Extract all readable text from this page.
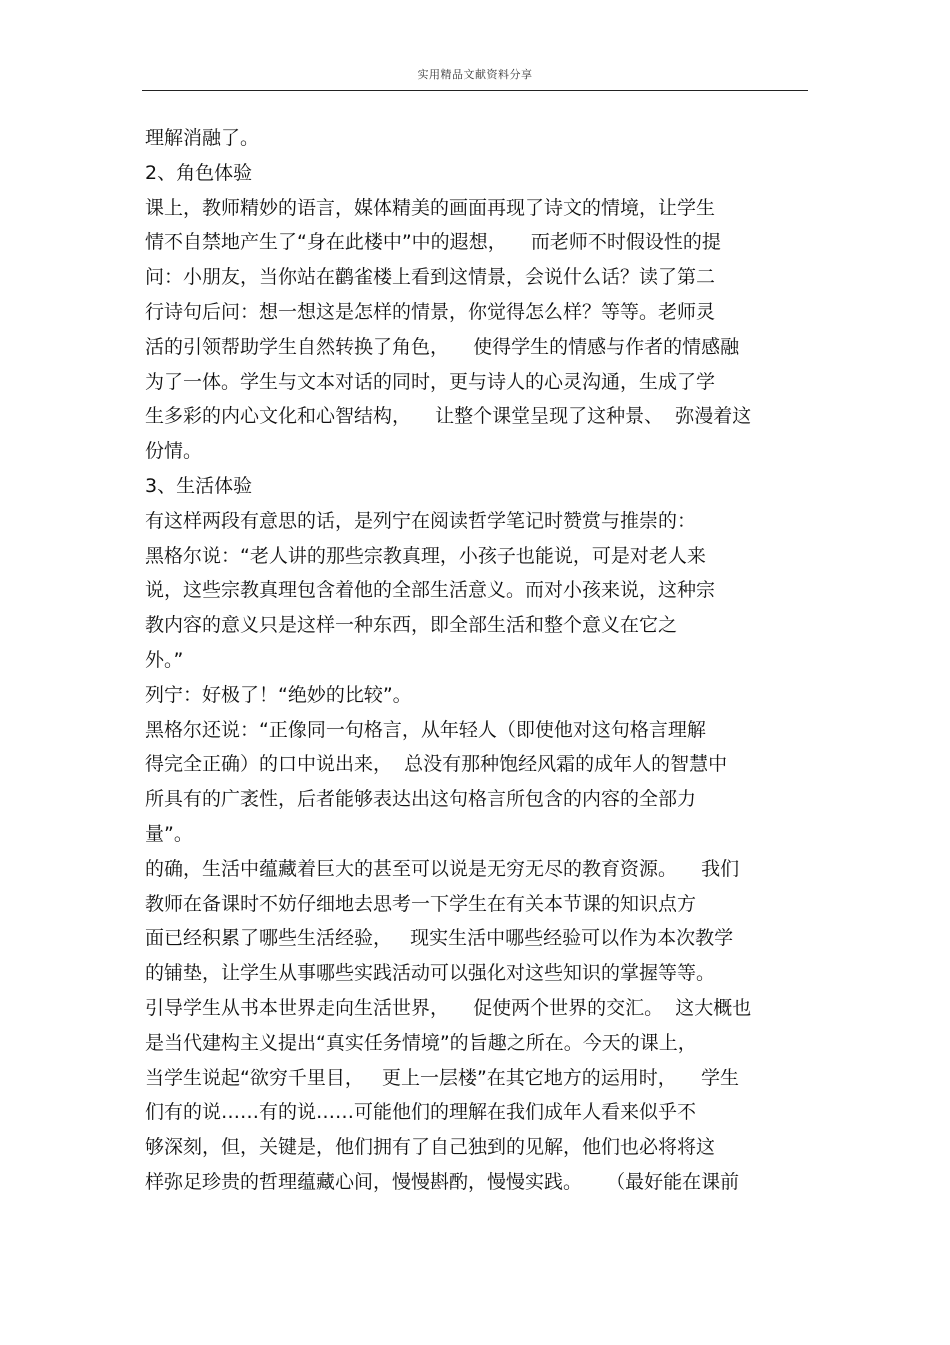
实用精品文献资料分享
理解消融了。
2、角色体验
课上，教师精妙的语言，媒体精美的画面再现了诗文的情境，让学生
情不自禁地产生了“身在此楼中”中的遐想，    而老师不时假设性的提
问：小朋友，当你站在鹳雀楼上看到这情景，会说什么话？读了第二
行诗句后问：想一想这是怎样的情景，你觉得怎么样？等等。老师灵
活的引领帮助学生自然转换了角色，    使得学生的情感与作者的情感融
为了一体。学生与文本对话的同时，更与诗人的心灵沟通，生成了学
生多彩的内心文化和心智结构，    让整个课堂呈现了这种景、  弥漫着这
份情。
3、生活体验
有这样两段有意思的话，是列宁在阅读哲学笔记时赞赏与推崇的：
黑格尔说：“老人讲的那些宗教真理，小孩子也能说，可是对老人来
说，这些宗教真理包含着他的全部生活意义。而对小孩来说，这种宗
教内容的意义只是这样一种东西，即全部生活和整个意义在它之
外。”
列宁：好极了！“绝妙的比较”。
黑格尔还说：“正像同一句格言，从年轻人（即使他对这句格言理解
得完全正确）的口中说出来，  总没有那种饱经风霜的成年人的智慧中
所具有的广袤性，后者能够表达出这句格言所包含的内容的全部力
量”。
的确，生活中蕴藏着巨大的甚至可以说是无穷无尽的教育资源。    我们
教师在备课时不妨仔细地去思考一下学生在有关本节课的知识点方
面已经积累了哪些生活经验，   现实生活中哪些经验可以作为本次教学
的铺垫，让学生从事哪些实践活动可以强化对这些知识的掌握等等。
引导学生从书本世界走向生活世界，    促使两个世界的交汇。  这大概也
是当代建构主义提出“真实任务情境”的旨趣之所在。今天的课上，
当学生说起“欲穷千里目，   更上一层楼”在其它地方的运用时，    学生
们有的说……有的说……可能他们的理解在我们成年人看来似乎不
够深刻，但，关键是，他们拥有了自己独到的见解，他们也必将将这
样弥足珍贵的哲理蕴藏心间，慢慢斟酌，慢慢实践。    （最好能在课前
